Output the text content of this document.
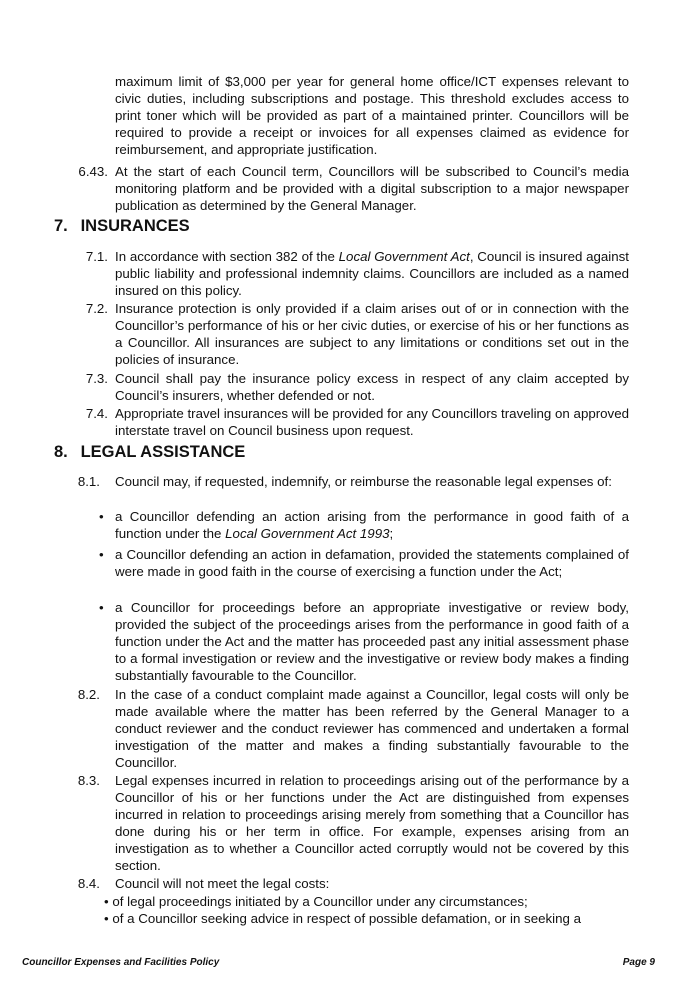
maximum limit of $3,000 per year for general home office/ICT expenses relevant to civic duties, including subscriptions and postage. This threshold excludes access to print toner which will be provided as part of a maintained printer. Councillors will be required to provide a receipt or invoices for all expenses claimed as evidence for reimbursement, and appropriate justification.

6.43. At the start of each Council term, Councillors will be subscribed to Council’s media monitoring platform and be provided with a digital subscription to a major newspaper publication as determined by the General Manager.

7. INSURANCES

7.1. In accordance with section 382 of the Local Government Act, Council is insured against public liability and professional indemnity claims. Councillors are included as a named insured on this policy.

7.2. Insurance protection is only provided if a claim arises out of or in connection with the Councillor’s performance of his or her civic duties, or exercise of his or her functions as a Councillor. All insurances are subject to any limitations or conditions set out in the policies of insurance.

7.3. Council shall pay the insurance policy excess in respect of any claim accepted by Council’s insurers, whether defended or not.

7.4. Appropriate travel insurances will be provided for any Councillors traveling on approved interstate travel on Council business upon request.

8. LEGAL ASSISTANCE

8.1. Council may, if requested, indemnify, or reimburse the reasonable legal expenses of:

• a Councillor defending an action arising from the performance in good faith of a function under the Local Government Act 1993;

• a Councillor defending an action in defamation, provided the statements complained of were made in good faith in the course of exercising a function under the Act;

• a Councillor for proceedings before an appropriate investigative or review body, provided the subject of the proceedings arises from the performance in good faith of a function under the Act and the matter has proceeded past any initial assessment phase to a formal investigation or review and the investigative or review body makes a finding substantially favourable to the Councillor.

8.2. In the case of a conduct complaint made against a Councillor, legal costs will only be made available where the matter has been referred by the General Manager to a conduct reviewer and the conduct reviewer has commenced and undertaken a formal investigation of the matter and makes a finding substantially favourable to the Councillor.

8.3. Legal expenses incurred in relation to proceedings arising out of the performance by a Councillor of his or her functions under the Act are distinguished from expenses incurred in relation to proceedings arising merely from something that a Councillor has done during his or her term in office. For example, expenses arising from an investigation as to whether a Councillor acted corruptly would not be covered by this section.

8.4. Council will not meet the legal costs:

• of legal proceedings initiated by a Councillor under any circumstances;

• of a Councillor seeking advice in respect of possible defamation, or in seeking a

Councillor Expenses and Facilities Policy	Page 9
